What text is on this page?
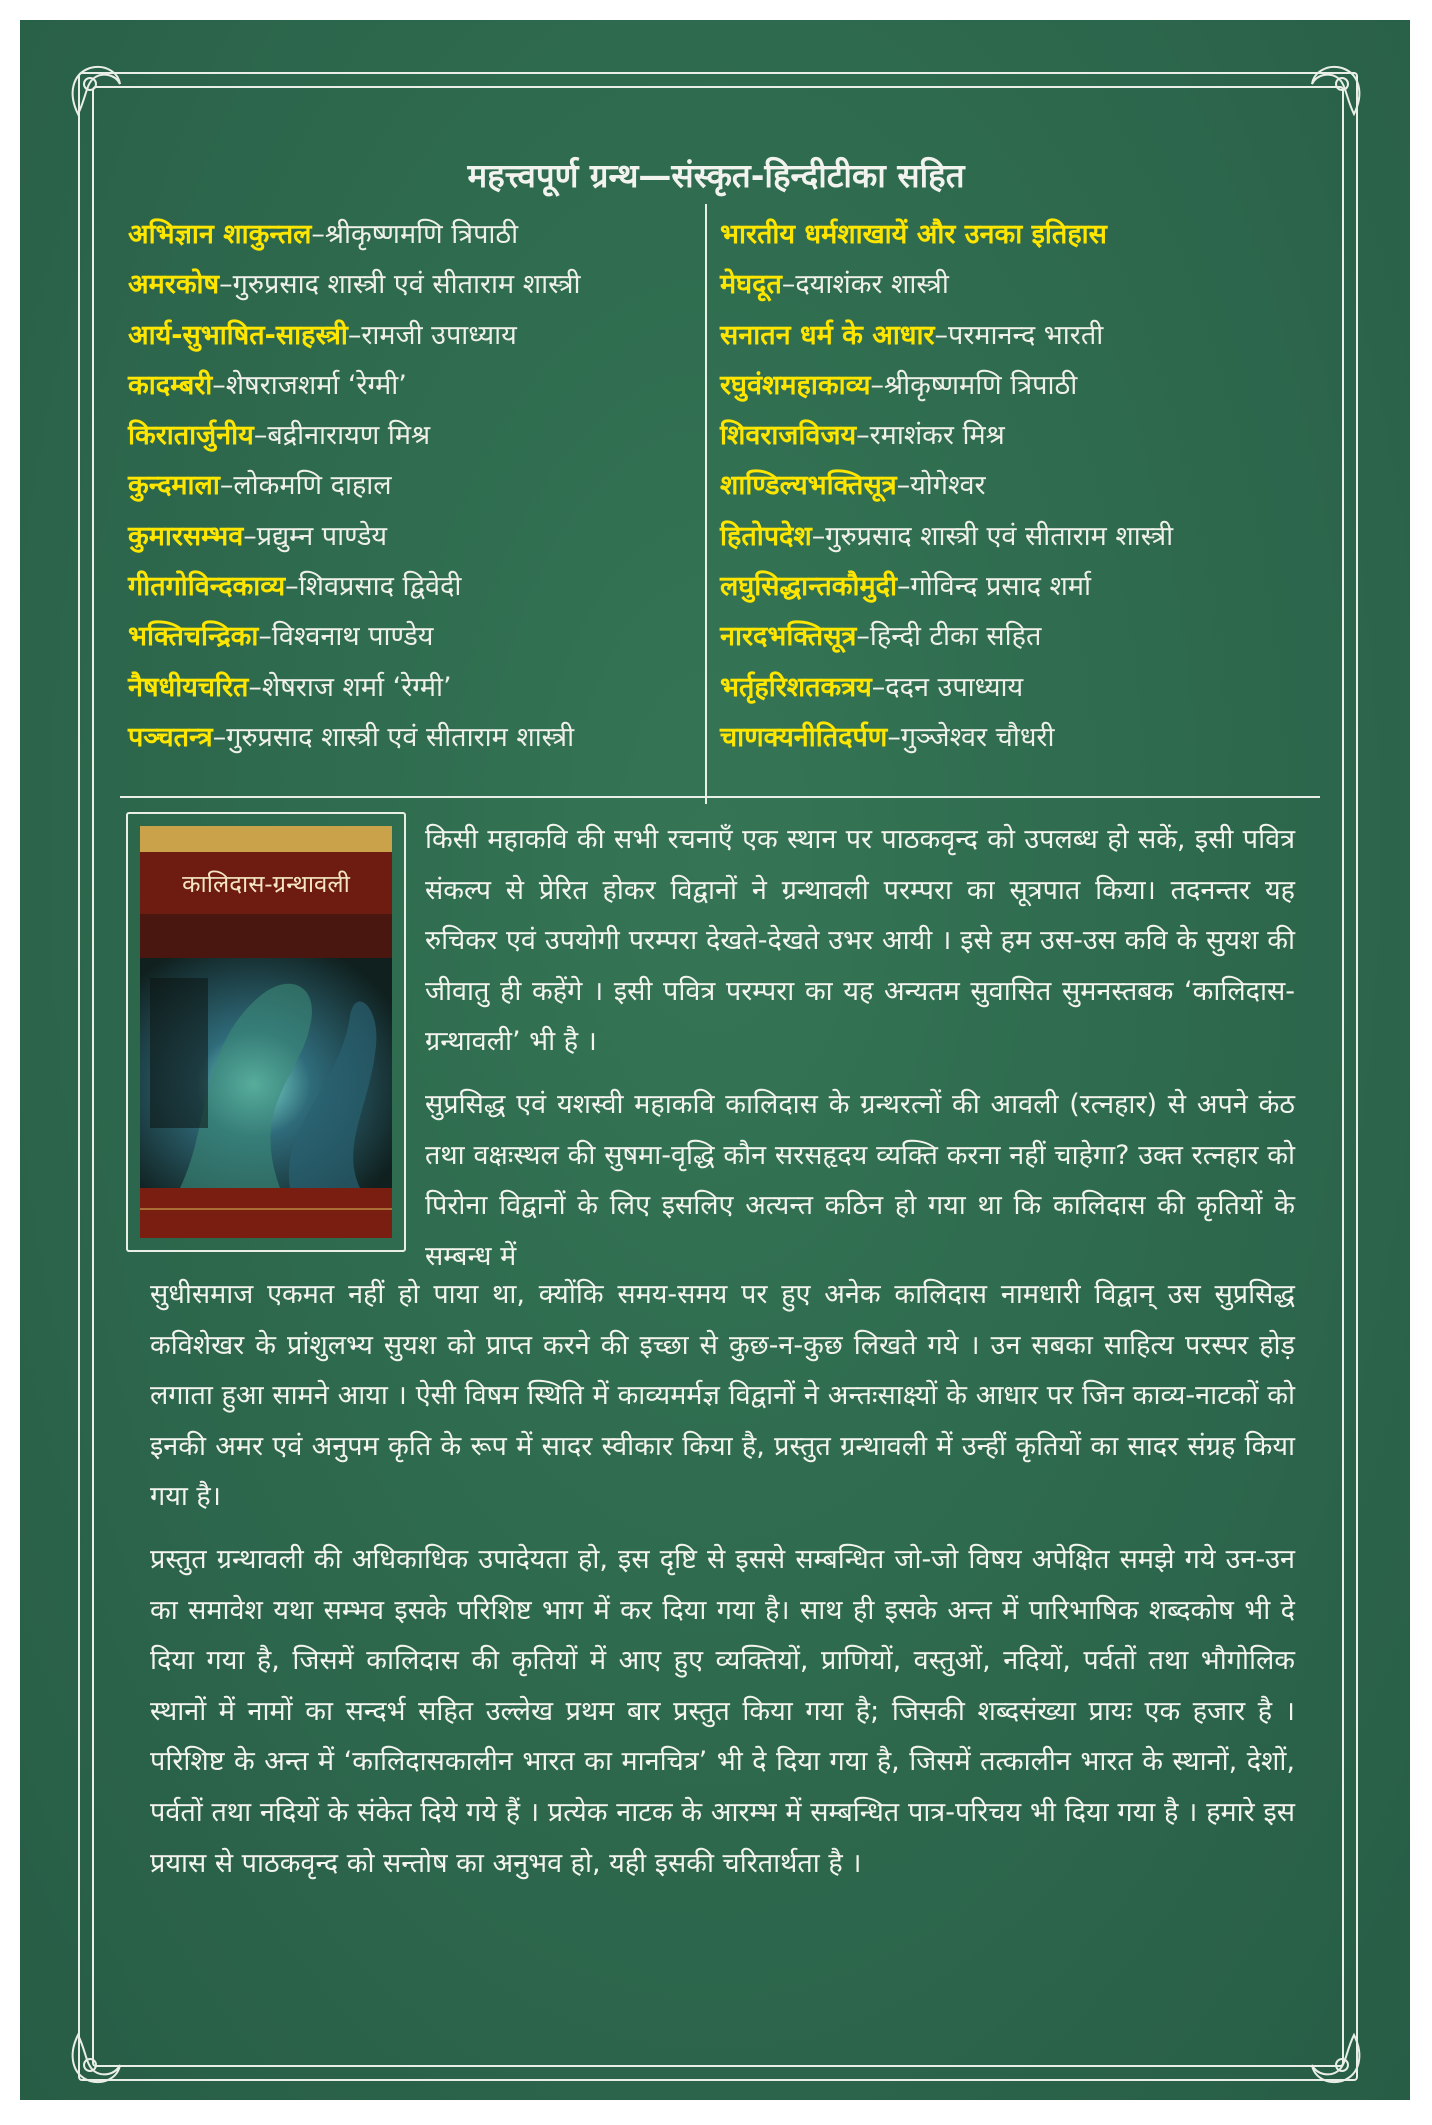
महत्त्वपूर्ण ग्रन्थ—संस्कृत-हिन्दीटीका सहित
अभिज्ञान शाकुन्तल–श्रीकृष्णमणि त्रिपाठी
अमरकोष–गुरुप्रसाद शास्त्री एवं सीताराम शास्त्री
आर्य-सुभाषित-साहस्त्री–रामजी उपाध्याय
कादम्बरी–शेषराजशर्मा ‘रेग्मी’
किरातार्जुनीय–बद्रीनारायण मिश्र
कुन्दमाला–लोकमणि दाहाल
कुमारसम्भव–प्रद्युम्न पाण्डेय
गीतगोविन्दकाव्य–शिवप्रसाद द्विवेदी
भक्तिचन्द्रिका–विश्वनाथ पाण्डेय
नैषधीयचरित–शेषराज शर्मा ‘रेग्मी’
पञ्चतन्त्र–गुरुप्रसाद शास्त्री एवं सीताराम शास्त्री
भारतीय धर्मशाखायें और उनका इतिहास
मेघदूत–दयाशंकर शास्त्री
सनातन धर्म के आधार–परमानन्द भारती
रघुवंशमहाकाव्य–श्रीकृष्णमणि त्रिपाठी
शिवराजविजय–रमाशंकर मिश्र
शाण्डिल्यभक्तिसूत्र–योगेश्वर
हितोपदेश–गुरुप्रसाद शास्त्री एवं सीताराम शास्त्री
लघुसिद्धान्तकौमुदी–गोविन्द प्रसाद शर्मा
नारदभक्तिसूत्र–हिन्दी टीका सहित
भर्तृहरिशतकत्रय–ददन उपाध्याय
चाणक्यनीतिदर्पण–गुञ्जेश्वर चौधरी
कालिदास-ग्रन्थावली
किसी महाकवि की सभी रचनाएँ एक स्थान पर पाठकवृन्द को उपलब्ध हो सकें, इसी पवित्र संकल्प से प्रेरित होकर विद्वानों ने ग्रन्थावली परम्परा का सूत्रपात किया। तदनन्तर यह रुचिकर एवं उपयोगी परम्परा देखते-देखते उभर आयी । इसे हम उस-उस कवि के सुयश की जीवातु ही कहेंगे । इसी पवित्र परम्परा का यह अन्यतम सुवासित सुमनस्तबक ‘कालिदास-ग्रन्थावली’ भी है ।
सुप्रसिद्ध एवं यशस्वी महाकवि कालिदास के ग्रन्थरत्नों की आवली (रत्नहार) से अपने कंठ तथा वक्षःस्थल की सुषमा-वृद्धि कौन सरसहृदय व्यक्ति करना नहीं चाहेगा? उक्त रत्नहार को पिरोना विद्वानों के लिए इसलिए अत्यन्त कठिन हो गया था कि कालिदास की कृतियों के सम्बन्ध में
सुधीसमाज एकमत नहीं हो पाया था, क्योंकि समय-समय पर हुए अनेक कालिदास नामधारी विद्वान् उस सुप्रसिद्ध कविशेखर के प्रांशुलभ्य सुयश को प्राप्त करने की इच्छा से कुछ-न-कुछ लिखते गये । उन सबका साहित्य परस्पर होड़ लगाता हुआ सामने आया । ऐसी विषम स्थिति में काव्यमर्मज्ञ विद्वानों ने अन्तःसाक्ष्यों के आधार पर जिन काव्य-नाटकों को इनकी अमर एवं अनुपम कृति के रूप में सादर स्वीकार किया है, प्रस्तुत ग्रन्थावली में उन्हीं कृतियों का सादर संग्रह किया गया है।
प्रस्तुत ग्रन्थावली की अधिकाधिक उपादेयता हो, इस दृष्टि से इससे सम्बन्धित जो-जो विषय अपेक्षित समझे गये उन-उन का समावेश यथा सम्भव इसके परिशिष्ट भाग में कर दिया गया है। साथ ही इसके अन्त में पारिभाषिक शब्दकोष भी दे दिया गया है, जिसमें कालिदास की कृतियों में आए हुए व्यक्तियों, प्राणियों, वस्तुओं, नदियों, पर्वतों तथा भौगोलिक स्थानों में नामों का सन्दर्भ सहित उल्लेख प्रथम बार प्रस्तुत किया गया है; जिसकी शब्दसंख्या प्रायः एक हजार है । परिशिष्ट के अन्त में ‘कालिदासकालीन भारत का मानचित्र’ भी दे दिया गया है, जिसमें तत्कालीन भारत के स्थानों, देशों, पर्वतों तथा नदियों के संकेत दिये गये हैं । प्रत्येक नाटक के आरम्भ में सम्बन्धित पात्र-परिचय भी दिया गया है । हमारे इस प्रयास से पाठकवृन्द को सन्तोष का अनुभव हो, यही इसकी चरितार्थता है ।
